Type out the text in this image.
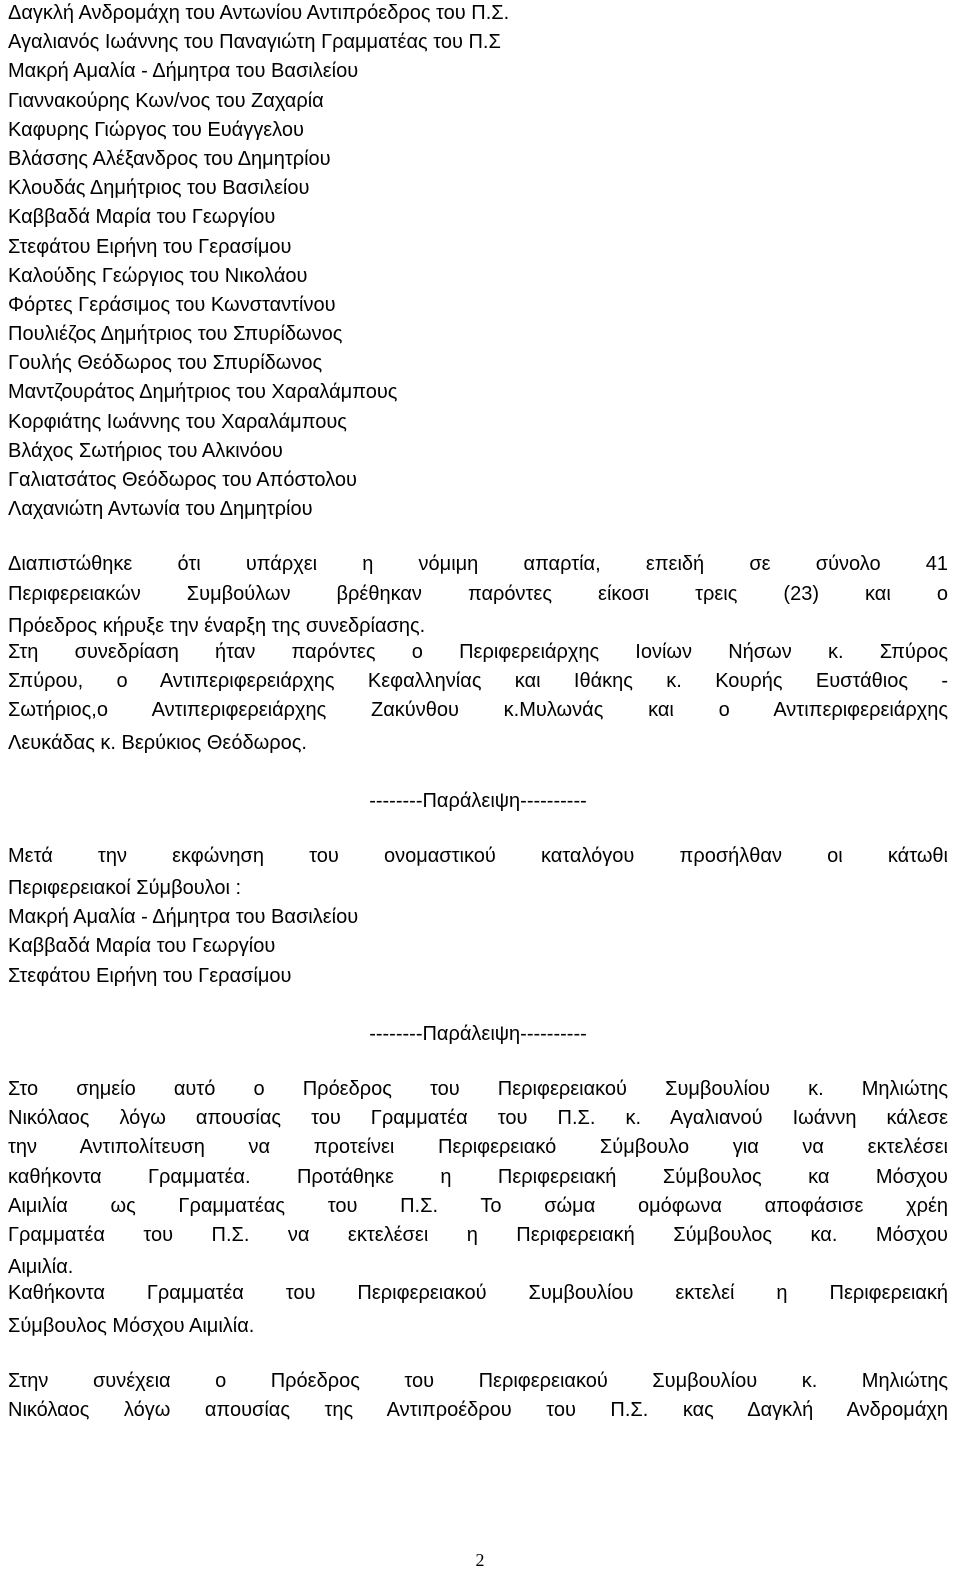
Δαγκλή Ανδρομάχη του Αντωνίου Αντιπρόεδρος του Π.Σ.
Αγαλιανός Ιωάννης του Παναγιώτη Γραμματέας του Π.Σ
Μακρή Αμαλία - Δήμητρα του Βασιλείου
Γιαννακούρης Κων/νος του Ζαχαρία
Καφυρης Γιώργος του Ευάγγελου
Βλάσσης Αλέξανδρος του Δημητρίου
Κλουδάς Δημήτριος του Βασιλείου
Καββαδά Μαρία του Γεωργίου
Στεφάτου Ειρήνη του Γερασίμου
Καλούδης Γεώργιος του Νικολάου
Φόρτες Γεράσιμος του Κωνσταντίνου
Πουλιέζος Δημήτριος του Σπυρίδωνος
Γουλής Θεόδωρος του Σπυρίδωνος
Μαντζουράτος Δημήτριος του Χαραλάμπους
Κορφιάτης Ιωάννης του Χαραλάμπους
Βλάχος Σωτήριος του Αλκινόου
Γαλιατσάτος Θεόδωρος του Απόστολου
Λαχανιώτη Αντωνία του Δημητρίου
Διαπιστώθηκε ότι υπάρχει η νόμιμη απαρτία, επειδή σε σύνολο 41
Περιφερειακών Συμβούλων βρέθηκαν παρόντες είκοσι τρεις (23) και ο
Πρόεδρος κήρυξε την έναρξη της συνεδρίασης.
Στη συνεδρίαση ήταν παρόντες ο Περιφερειάρχης Ιονίων Νήσων κ. Σπύρος
Σπύρου, ο Αντιπεριφερειάρχης Κεφαλληνίας και Ιθάκης κ. Κουρής Ευστάθιος -
Σωτήριος,ο Αντιπεριφερειάρχης Ζακύνθου κ.Μυλωνάς και ο Αντιπεριφερειάρχης
Λευκάδας κ. Βερύκιος Θεόδωρος.
--------Παράλειψη----------
Μετά την εκφώνηση του ονομαστικού καταλόγου προσήλθαν οι κάτωθι
Περιφερειακοί Σύμβουλοι :
Μακρή Αμαλία - Δήμητρα του Βασιλείου
Καββαδά Μαρία του Γεωργίου
Στεφάτου Ειρήνη του Γερασίμου
--------Παράλειψη----------
Στο σημείο αυτό ο Πρόεδρος του Περιφερειακού Συμβουλίου κ. Μηλιώτης
Νικόλαος λόγω απουσίας του Γραμματέα του Π.Σ. κ. Αγαλιανού Ιωάννη κάλεσε
την Αντιπολίτευση να προτείνει Περιφερειακό Σύμβουλο για να εκτελέσει
καθήκοντα Γραμματέα. Προτάθηκε η Περιφερειακή Σύμβουλος κα Μόσχου
Αιμιλία ως Γραμματέας του Π.Σ. Το σώμα ομόφωνα αποφάσισε χρέη
Γραμματέα του Π.Σ. να εκτελέσει η Περιφερειακή Σύμβουλος κα. Μόσχου
Αιμιλία.
Καθήκοντα Γραμματέα του Περιφερειακού Συμβουλίου εκτελεί η Περιφερειακή
Σύμβουλος Μόσχου Αιμιλία.
Στην συνέχεια ο Πρόεδρος του Περιφερειακού Συμβουλίου κ. Μηλιώτης
Νικόλαος λόγω απουσίας της Αντιπροέδρου του Π.Σ. κας Δαγκλή Ανδρομάχη
2
